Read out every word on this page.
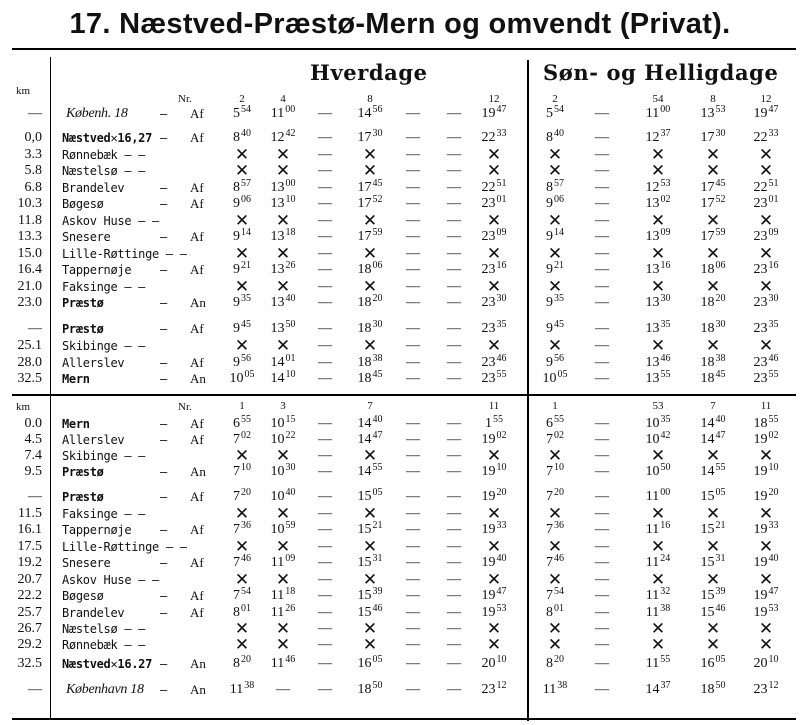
17. Næstved-Præstø-Mern og omvendt (Privat).
Hverdage	Søn- og Helligdage
km
Nr.	2	4	8	12	2	54	8	12
— Københ. 18	— Af	$5^{54}$	$11^{00}$	—	$14^{56}$	—	—	$19^{47}$	$5^{54}$	—	$11^{00}$	$13^{53}$	$19^{47}$
0,0 Næstved✕16,27 — Af	$8^{40}$	$12^{42}$	—	$17^{30}$	—	—	$22^{33}$	$8^{40}$	—	$12^{37}$	$17^{30}$	$22^{33}$
3.3 Rønnebæk — —	✕	✕	—	✕	—	—	✕	✕	—	✕	✕	✕
5.8 Næstelsø — —	✕	✕	—	✕	—	—	✕	✕	—	✕	✕	✕
6.8 Brandelev	— Af	$8^{57}$	$13^{00}$	—	$17^{45}$	—	—	$22^{51}$	$8^{57}$	—	$12^{53}$	$17^{45}$	$22^{51}$
10.3 Bøgesø	— Af	$9^{06}$	$13^{10}$	—	$17^{52}$	—	—	$23^{01}$	$9^{06}$	—	$13^{02}$	$17^{52}$	$23^{01}$
11.8 Askov Huse — —	✕	✕	—	✕	—	—	✕	✕	—	✕	✕	✕
13.3 Snesere	— Af	$9^{14}$	$13^{18}$	—	$17^{59}$	—	—	$23^{09}$	$9^{14}$	—	$13^{09}$	$17^{59}$	$23^{09}$
15.0 Lille-Røttinge — —	✕	✕	—	✕	—	—	✕	✕	—	✕	✕	✕
16.4 Tappernøje — Af	$9^{21}$	$13^{26}$	—	$18^{06}$	—	—	$23^{16}$	$9^{21}$	—	$13^{16}$	$18^{06}$	$23^{16}$
21.0 Faksinge — —	✕	✕	—	✕	—	—	✕	✕	—	✕	✕	✕
23.0 Præstø	— An	$9^{35}$	$13^{40}$	—	$18^{20}$	—	—	$23^{30}$	$9^{35}$	—	$13^{30}$	$18^{20}$	$23^{30}$
— Præstø	— Af	$9^{45}$	$13^{50}$	—	$18^{30}$	—	—	$23^{35}$	$9^{45}$	—	$13^{35}$	$18^{30}$	$23^{35}$
25.1 Skibinge — —	✕	✕	—	✕	—	—	✕	✕	—	✕	✕	✕
28.0 Allerslev	— Af	$9^{56}$	$14^{01}$	—	$18^{38}$	—	—	$23^{46}$	$9^{56}$	—	$13^{46}$	$18^{38}$	$23^{46}$
32.5 Mern	— An	$10^{05}$	$14^{10}$	—	$18^{45}$	—	—	$23^{55}$	$10^{05}$	—	$13^{55}$	$18^{45}$	$23^{55}$
km	Nr.	1	3	7	11	1	53	7	11
0.0 Mern	— Af	$6^{55}$	$10^{15}$	—	$14^{40}$	—	—	$1^{55}$	$6^{55}$	—	$10^{35}$	$14^{40}$	$18^{55}$
4.5 Allerslev	— Af	$7^{02}$	$10^{22}$	—	$14^{47}$	—	—	$19^{02}$	$7^{02}$	—	$10^{42}$	$14^{47}$	$19^{02}$
7.4 Skibinge — —	✕	✕	—	✕	—	—	✕	✕	—	✕	✕	✕
9.5 Præstø	— An	$7^{10}$	$10^{30}$	—	$14^{55}$	—	—	$19^{10}$	$7^{10}$	—	$10^{50}$	$14^{55}$	$19^{10}$
— Præstø	— Af	$7^{20}$	$10^{40}$	—	$15^{05}$	—	—	$19^{20}$	$7^{20}$	—	$11^{00}$	$15^{05}$	$19^{20}$
11.5 Faksinge — —	✕	✕	—	✕	—	—	✕	✕	—	✕	✕	✕
16.1 Tappernøje — Af	$7^{36}$	$10^{59}$	—	$15^{21}$	—	—	$19^{33}$	$7^{36}$	—	$11^{16}$	$15^{21}$	$19^{33}$
17.5 Lille-Røttinge — —	✕	✕	—	✕	—	—	✕	✕	—	✕	✕	✕
19.2 Snesere	— Af	$7^{46}$	$11^{09}$	—	$15^{31}$	—	—	$19^{40}$	$7^{46}$	—	$11^{24}$	$15^{31}$	$19^{40}$
20.7 Askov Huse — —	✕	✕	—	✕	—	—	✕	✕	—	✕	✕	✕
22.2 Bøgesø	— Af	$7^{54}$	$11^{18}$	—	$15^{39}$	—	—	$19^{47}$	$7^{54}$	—	$11^{32}$	$15^{39}$	$19^{47}$
25.7 Brandelev	— Af	$8^{01}$	$11^{26}$	—	$15^{46}$	—	—	$19^{53}$	$8^{01}$	—	$11^{38}$	$15^{46}$	$19^{53}$
26.7 Næstelsø — —	✕	✕	—	✕	—	—	✕	✕	—	✕	✕	✕
29.2 Rønnebæk — —	✕	✕	—	✕	—	—	✕	✕	—	✕	✕	✕
32.5 Næstved✕16.27 — An	$8^{20}$	$11^{46}$	—	$16^{05}$	—	—	$20^{10}$	$8^{20}$	—	$11^{55}$	$16^{05}$	$20^{10}$
— København 18 — An	$11^{38}$	—	—	$18^{50}$	—	—	$23^{12}$	$11^{38}$	—	$14^{37}$	$18^{50}$	$23^{12}$
